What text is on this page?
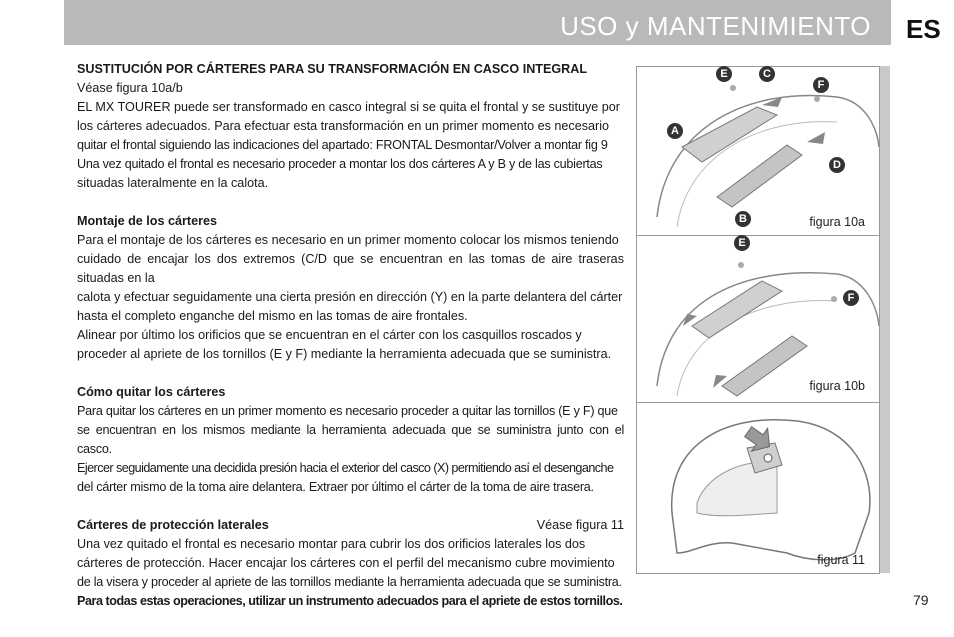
USO y MANTENIMIENTO ES

SUSTITUCIÓN POR CÁRTERES PARA SU TRANSFORMACIÓN EN CASCO INTEGRAL

Véase figura 10a/b

EL MX TOURER puede ser transformado en casco integral si se quita el frontal y se sustituye por

los cárteres adecuados. Para efectuar esta transformación en un primer momento es necesario

quitar el frontal siguiendo las indicaciones del apartado: FRONTAL Desmontar/Volver a montar fig 9

Una vez quitado el frontal es necesario proceder a montar los dos cárteres A y B y de las cubiertas

situadas lateralmente en la calota.

Montaje de los cárteres

Para el montaje de los cárteres es necesario en un primer momento colocar los mismos teniendo

cuidado de encajar los dos extremos (C/D que se encuentran en las tomas de aire traseras situadas en la

calota y efectuar seguidamente una cierta presión en dirección (Y) en la parte delantera del cárter

hasta el completo enganche del mismo en las tomas de aire frontales.

Alinear por último los orificios que se encuentran en el cárter con los casquillos roscados y

proceder al apriete de los tornillos (E y F) mediante la herramienta adecuada que se suministra.

Cómo quitar los cárteres

Para quitar los cárteres en un primer momento es necesario proceder a quitar las tornillos (E y F) que

se encuentran en los mismos mediante la herramienta adecuada que se suministra junto con el casco.

Ejercer seguidamente una decidida presión hacia el exterior del casco (X) permitiendo así el desenganche

del cárter mismo de la toma aire delantera. Extraer por último el cárter de la toma de aire trasera.

Cárteres de protección laterales	Véase figura 11

Una vez quitado el frontal es necesario montar para cubrir los dos orificios laterales los dos

cárteres de protección. Hacer encajar los cárteres con el perfil del mecanismo cubre movimiento

de la visera y proceder al apriete de las tornillos mediante la herramienta adecuada que se suministra.

Para todas estas operaciones, utilizar un instrumento adecuados para el apriete de estos tornillos.

E	C
F
A
D
B	figura 10a
E
F
figura 10b
figura 11
79
